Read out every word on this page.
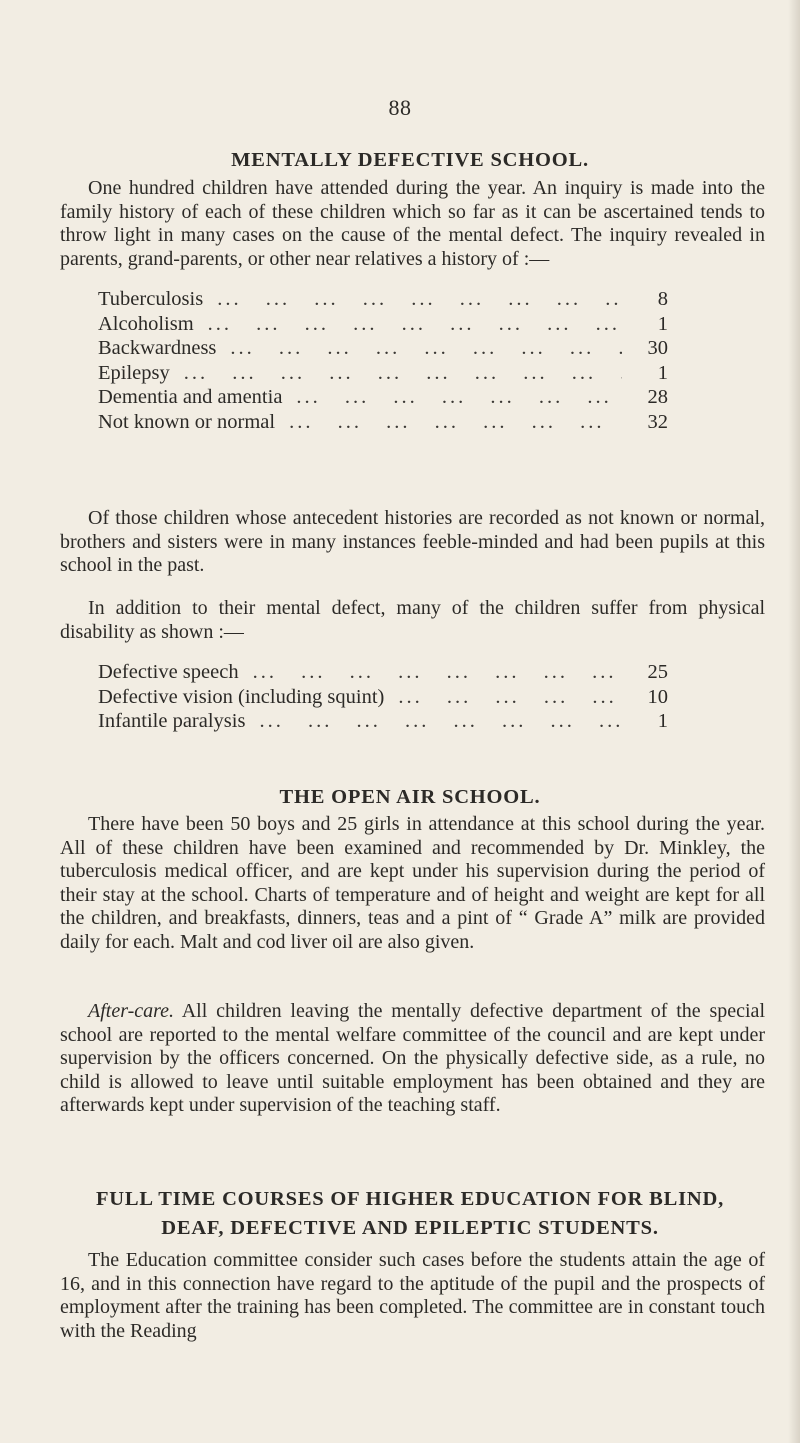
88
MENTALLY DEFECTIVE SCHOOL.

One hundred children have attended during the year. An inquiry is made into the family history of each of these children which so far as it can be ascertained tends to throw light in many cases on the cause of the mental defect. The inquiry revealed in parents, grand-parents, or other near relatives a history of :—

Tuberculosis ... .	8
Alcoholism ... .	1
Backwardness ... .	30
Epilepsy ... .	1
Dementia and amentia ... .	28
Not known or normal ... .	32

Of those children whose antecedent histories are recorded as not known or normal, brothers and sisters were in many instances feeble-minded and had been pupils at this school in the past.

In addition to their mental defect, many of the children suffer from physical disability as shown :—

Defective speech ... .	25
Defective vision (including squint) ... .	10
Infantile paralysis ... .	1
THE OPEN AIR SCHOOL.

There have been 50 boys and 25 girls in attendance at this school during the year. All of these children have been examined and recommended by Dr. Minkley, the tuberculosis medical officer, and are kept under his supervision during the period of their stay at the school. Charts of temperature and of height and weight are kept for all the children, and breakfasts, dinners, teas and a pint of “ Grade A” milk are provided daily for each. Malt and cod liver oil are also given.

After-care. All children leaving the mentally defective department of the special school are reported to the mental welfare committee of the council and are kept under supervision by the officers concerned. On the physically defective side, as a rule, no child is allowed to leave until suitable employment has been obtained and they are afterwards kept under supervision of the teaching staff.

FULL TIME COURSES OF HIGHER EDUCATION FOR BLIND,
DEAF, DEFECTIVE AND EPILEPTIC STUDENTS.

The Education committee consider such cases before the students attain the age of 16, and in this connection have regard to the aptitude of the pupil and the prospects of employment after the training has been completed. The committee are in constant touch with the Reading
